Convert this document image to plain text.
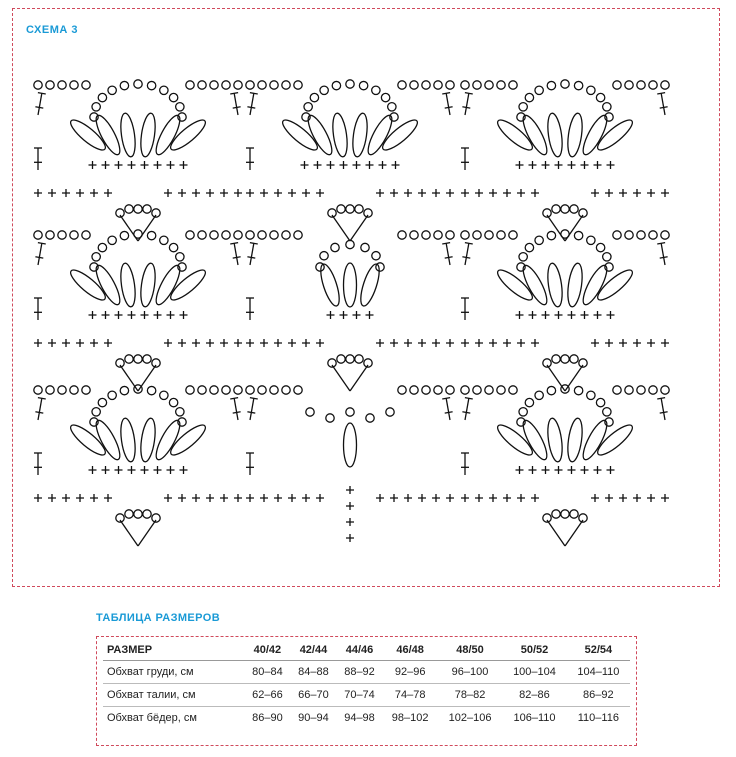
СХЕМА 3
ТАБЛИЦА РАЗМЕРОВ
РАЗМЕР	40/42	42/44	44/46	46/48	48/50	50/52	52/54
Обхват груди, см	80–84	84–88	88–92	92–96	96–100	100–104	104–110
Обхват талии, см	62–66	66–70	70–74	74–78	78–82	82–86	86–92
Обхват бёдер, см	86–90	90–94	94–98	98–102	102–106	106–110	110–116
